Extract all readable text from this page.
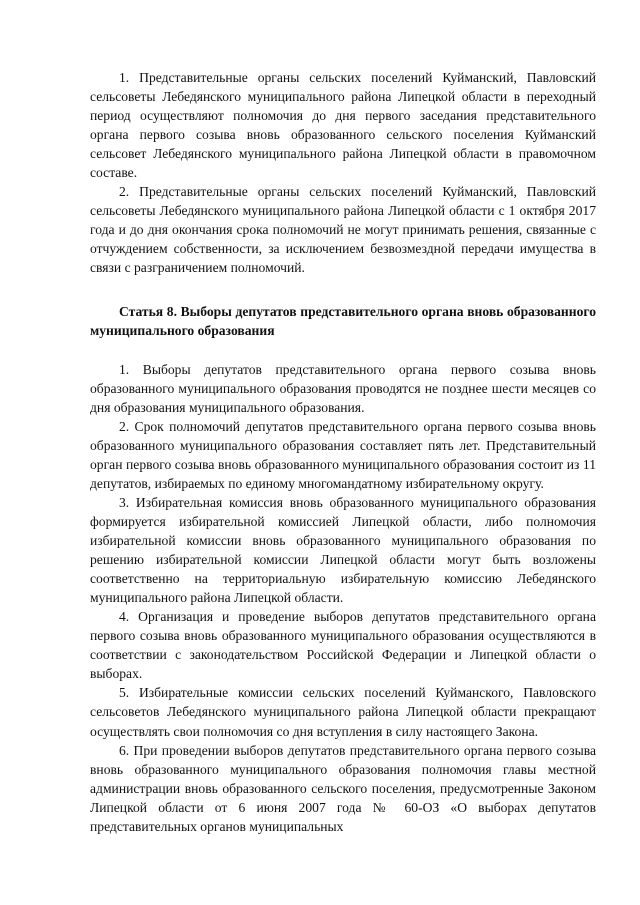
1. Представительные органы сельских поселений Куйманский, Павловский сельсоветы Лебедянского муниципального района Липецкой области в переходный период осуществляют полномочия до дня первого заседания представительного органа первого созыва вновь образованного сельского поселения Куйманский сельсовет Лебедянского муниципального района Липецкой области в правомочном составе.

2. Представительные органы сельских поселений Куйманский, Павловский сельсоветы Лебедянского муниципального района Липецкой области с 1 октября 2017 года и до дня окончания срока полномочий не могут принимать решения, связанные с отчуждением собственности, за исключением безвозмездной передачи имущества в связи с разграничением полномочий.

Статья 8. Выборы депутатов представительного органа вновь образованного муниципального образования

1. Выборы депутатов представительного органа первого созыва вновь образованного муниципального образования проводятся не позднее шести месяцев со дня образования муниципального образования.

2. Срок полномочий депутатов представительного органа первого созыва вновь образованного муниципального образования составляет пять лет. Представительный орган первого созыва вновь образованного муниципального образования состоит из 11 депутатов, избираемых по единому многомандатному избирательному округу.

3. Избирательная комиссия вновь образованного муниципального образования формируется избирательной комиссией Липецкой области, либо полномочия избирательной комиссии вновь образованного муниципального образования по решению избирательной комиссии Липецкой области могут быть возложены соответственно на территориальную избирательную комиссию Лебедянского муниципального района Липецкой области.

4. Организация и проведение выборов депутатов представительного органа первого созыва вновь образованного муниципального образования осуществляются в соответствии с законодательством Российской Федерации и Липецкой области о выборах.

5. Избирательные комиссии сельских поселений Куйманского, Павловского сельсоветов Лебедянского муниципального района Липецкой области прекращают осуществлять свои полномочия со дня вступления в силу настоящего Закона.

6. При проведении выборов депутатов представительного органа первого созыва вновь образованного муниципального образования полномочия главы местной администрации вновь образованного сельского поселения, предусмотренные Законом Липецкой области от 6 июня 2007 года № 60-ОЗ «О выборах депутатов представительных органов муниципальных
